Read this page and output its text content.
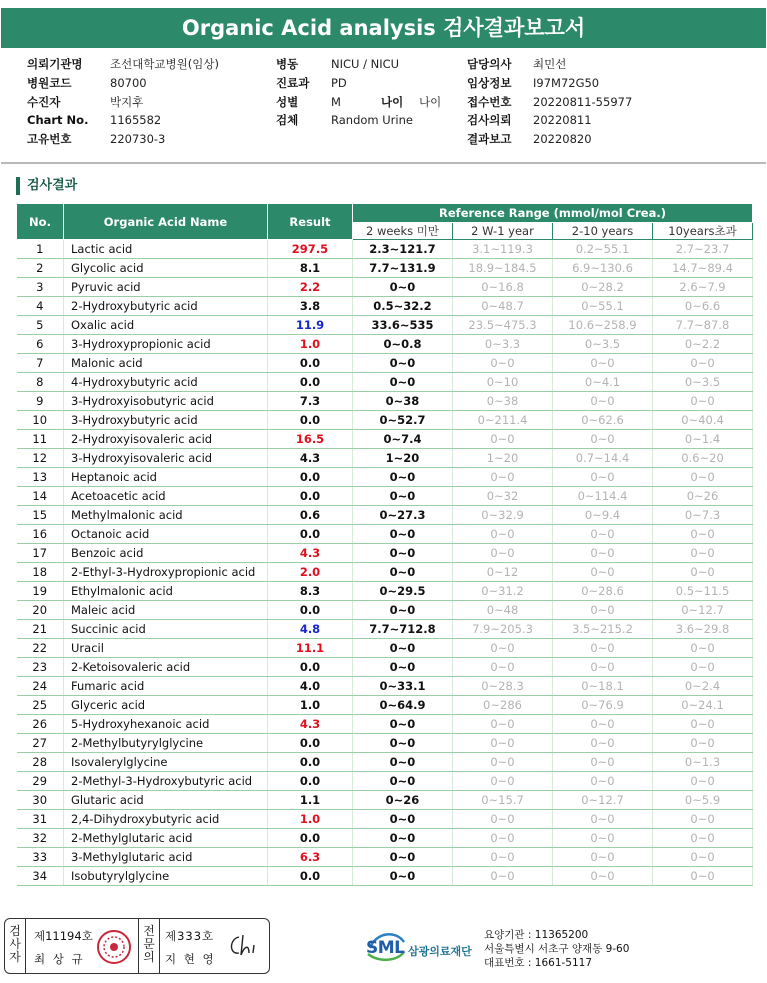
Organic Acid analysis 검사결과보고서
의뢰기관명 조선대학교병원(임상)
병원코드	80700
수진자	박지후
Chart No. 1165582
고유번호	220730-3
병동	NICU / NICU
진료과 PD
성별	M	나이 나이
검체	Random Urine
담당의사 최민선
임상정보 I97M72G50
접수번호 20220811-55977
검사의뢰 20220811
결과보고 20220820
검사결과
No.	Organic Acid Name	Result	Reference Range (mmol/mol Crea.)			
			2 weeks 미만	2 W-1 year	2-10 years	10years초과
1	Lactic acid	297.5	2.3~121.7	3.1~119.3	0.2~55.1	2.7~23.7
2	Glycolic acid	8.1	7.7~131.9	18.9~184.5	6.9~130.6	14.7~89.4
3	Pyruvic acid	2.2	0~0	0~16.8	0~28.2	2.6~7.9
4	2-Hydroxybutyric acid	3.8	0.5~32.2	0~48.7	0~55.1	0~6.6
5	Oxalic acid	11.9	33.6~535	23.5~475.3	10.6~258.9	7.7~87.8
6	3-Hydroxypropionic acid	1.0	0~0.8	0~3.3	0~3.5	0~2.2
7	Malonic acid	0.0	0~0	0~0	0~0	0~0
8	4-Hydroxybutyric acid	0.0	0~0	0~10	0~4.1	0~3.5
9	3-Hydroxyisobutyric acid	7.3	0~38	0~38	0~0	0~0
10	3-Hydroxybutyric acid	0.0	0~52.7	0~211.4	0~62.6	0~40.4
11	2-Hydroxyisovaleric acid	16.5	0~7.4	0~0	0~0	0~1.4
12	3-Hydroxyisovaleric acid	4.3	1~20	1~20	0.7~14.4	0.6~20
13	Heptanoic acid	0.0	0~0	0~0	0~0	0~0
14	Acetoacetic acid	0.0	0~0	0~32	0~114.4	0~26
15	Methylmalonic acid	0.6	0~27.3	0~32.9	0~9.4	0~7.3
16	Octanoic acid	0.0	0~0	0~0	0~0	0~0
17	Benzoic acid	4.3	0~0	0~0	0~0	0~0
18	2-Ethyl-3-Hydroxypropionic acid	2.0	0~0	0~12	0~0	0~0
19	Ethylmalonic acid	8.3	0~29.5	0~31.2	0~28.6	0.5~11.5
20	Maleic acid	0.0	0~0	0~48	0~0	0~12.7
21	Succinic acid	4.8	7.7~712.8	7.9~205.3	3.5~215.2	3.6~29.8
22	Uracil	11.1	0~0	0~0	0~0	0~0
23	2-Ketoisovaleric acid	0.0	0~0	0~0	0~0	0~0
24	Fumaric acid	4.0	0~33.1	0~28.3	0~18.1	0~2.4
25	Glyceric acid	1.0	0~64.9	0~286	0~76.9	0~24.1
26	5-Hydroxyhexanoic acid	4.3	0~0	0~0	0~0	0~0
27	2-Methylbutyrylglycine	0.0	0~0	0~0	0~0	0~0
28	Isovalerylglycine	0.0	0~0	0~0	0~0	0~1.3
29	2-Methyl-3-Hydroxybutyric acid	0.0	0~0	0~0	0~0	0~0
30	Glutaric acid	1.1	0~26	0~15.7	0~12.7	0~5.9
31	2,4-Dihydroxybutyric acid	1.0	0~0	0~0	0~0	0~0
32	2-Methylglutaric acid	0.0	0~0	0~0	0~0	0~0
33	3-Methylglutaric acid	6.3	0~0	0~0	0~0	0~0
34	Isobutyrylglycine	0.0	0~0	0~0	0~0	0~0
검사자
제11194호
최 상 규
전문의
제333호
지 현 영
SML 삼광의료재단
요양기관 : 11365200
서울특별시 서초구 양재동 9-60
대표번호 : 1661-5117
